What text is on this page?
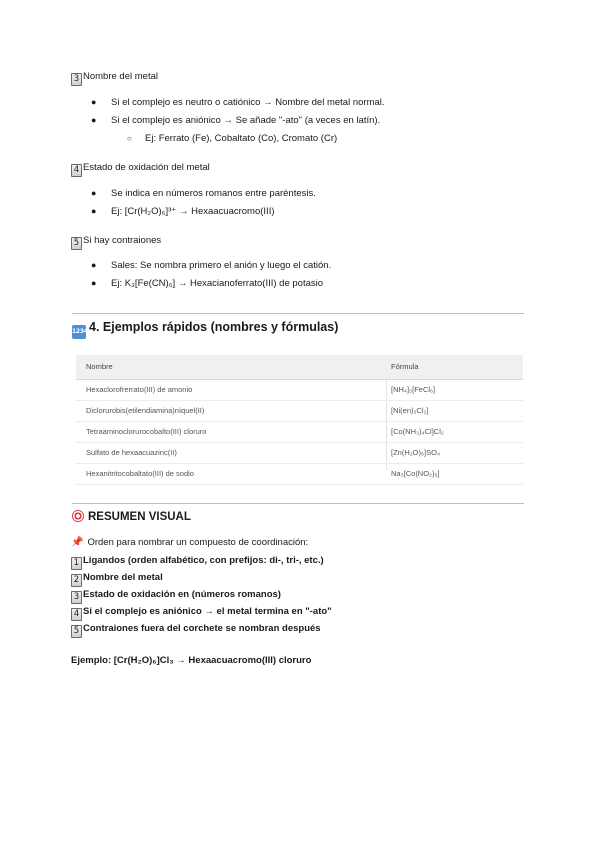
3 Nombre del metal
● Si el complejo es neutro o catiónico → Nombre del metal normal.
● Si el complejo es aniónico → Se añade "-ato" (a veces en latín).
○ Ej: Ferrato (Fe), Cobaltato (Co), Cromato (Cr)
4 Estado de oxidación del metal
● Se indica en números romanos entre paréntesis.
● Ej: [Cr(H₂O)₆]³⁺ → Hexaacuacromo(III)
5 Si hay contraiones
● Sales: Se nombra primero el anión y luego el catión.
● Ej: K₃[Fe(CN)₆] → Hexacianoferrato(III) de potasio
1234 4. Ejemplos rápidos (nombres y fórmulas)
Nombre	Fórmula
Hexaclorofrerrato(III) de amonio	[NH₄]₃[FeCl₆]
Diclorurobis(etilendiamina)níquel(II)	[Ni(en)₂Cl₂]
Tetraaminoclorurocobalto(III) cloruro	[Co(NH₃)₄Cl]Cl₂
Sulfato de hexaacuazinc(II)	[Zn(H₂O)₆]SO₄
Hexanitritocobaltato(III) de sodio	Na₃[Co(NO₂)₆]
RESUMEN VISUAL
📌 Orden para nombrar un compuesto de coordinación:
1 Ligandos (orden alfabético, con prefijos: di-, tri-, etc.)
2 Nombre del metal
3 Estado de oxidación en (números romanos)
4 Si el complejo es aniónico → el metal termina en "-ato"
5 Contraiones fuera del corchete se nombran después
Ejemplo: [Cr(H₂O)₆]Cl₃ → Hexaacuacromo(III) cloruro
